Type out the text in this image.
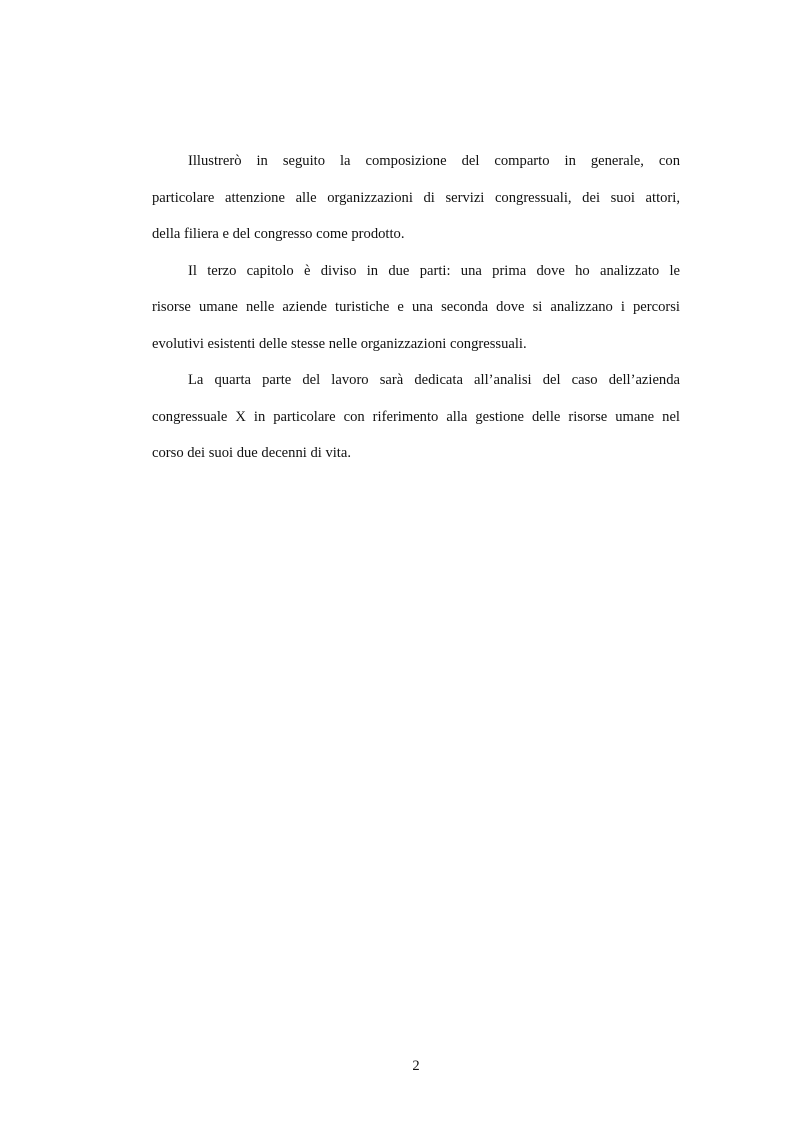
Illustrerò in seguito la composizione del comparto in generale, con
particolare attenzione alle organizzazioni di servizi congressuali, dei suoi attori,
della filiera e del congresso come prodotto.
Il terzo capitolo è diviso in due parti: una prima dove ho analizzato le
risorse umane nelle aziende turistiche e una seconda dove si analizzano i percorsi
evolutivi esistenti delle stesse nelle organizzazioni congressuali.
La quarta parte del lavoro sarà dedicata all’analisi del caso dell’azienda
congressuale X in particolare con riferimento alla gestione delle risorse umane nel
corso dei suoi due decenni di vita.
2
